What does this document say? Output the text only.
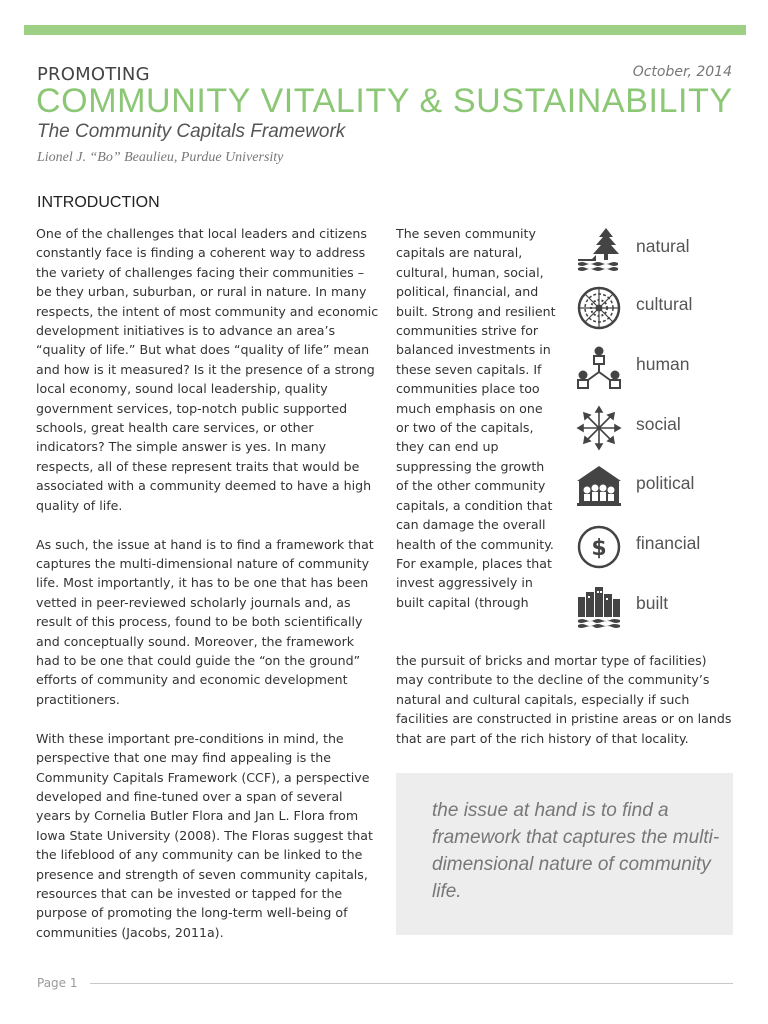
October, 2014
PROMOTING
COMMUNITY VITALITY & SUSTAINABILITY
The Community Capitals Framework
Lionel J. “Bo” Beaulieu, Purdue University
INTRODUCTION

One of the challenges that local leaders and citizens constantly face is finding a coherent way to address the variety of challenges facing their communities – be they urban, suburban, or rural in nature. In many respects, the intent of most community and economic development initiatives is to advance an area’s “quality of life.” But what does “quality of life” mean and how is it measured? Is it the presence of a strong local economy, sound local leadership, quality government services, top-notch public supported schools, great health care services, or other indicators? The simple answer is yes. In many respects, all of these represent traits that would be associated with a community deemed to have a high quality of life.

As such, the issue at hand is to find a framework that captures the multi-dimensional nature of community life. Most importantly, it has to be one that has been vetted in peer-reviewed scholarly journals and, as result of this process, found to be both scientifically and conceptually sound. Moreover, the framework had to be one that could guide the “on the ground” efforts of community and economic development practitioners.

With these important pre-conditions in mind, the perspective that one may find appealing is the Community Capitals Framework (CCF), a perspective developed and fine-tuned over a span of several years by Cornelia Butler Flora and Jan L. Flora from Iowa State University (2008). The Floras suggest that the lifeblood of any community can be linked to the presence and strength of seven community capitals, resources that can be invested or tapped for the purpose of promoting the long-term well-being of communities (Jacobs, 2011a).

The seven community capitals are natural, cultural, human, social, political, financial, and built. Strong and resilient communities strive for balanced investments in these seven capitals. If communities place too much emphasis on one or two of the capitals, they can end up suppressing the growth of the other community capitals, a condition that can damage the overall health of the community. For example, places that invest aggressively in built capital (through
natural
cultural
human
social
political
$ financial
built
the pursuit of bricks and mortar type of facilities) may contribute to the decline of the community’s natural and cultural capitals, especially if such facilities are constructed in pristine areas or on lands that are part of the rich history of that locality.
the issue at hand is to find a framework that captures the multi-dimensional nature of community life.
Page 1
